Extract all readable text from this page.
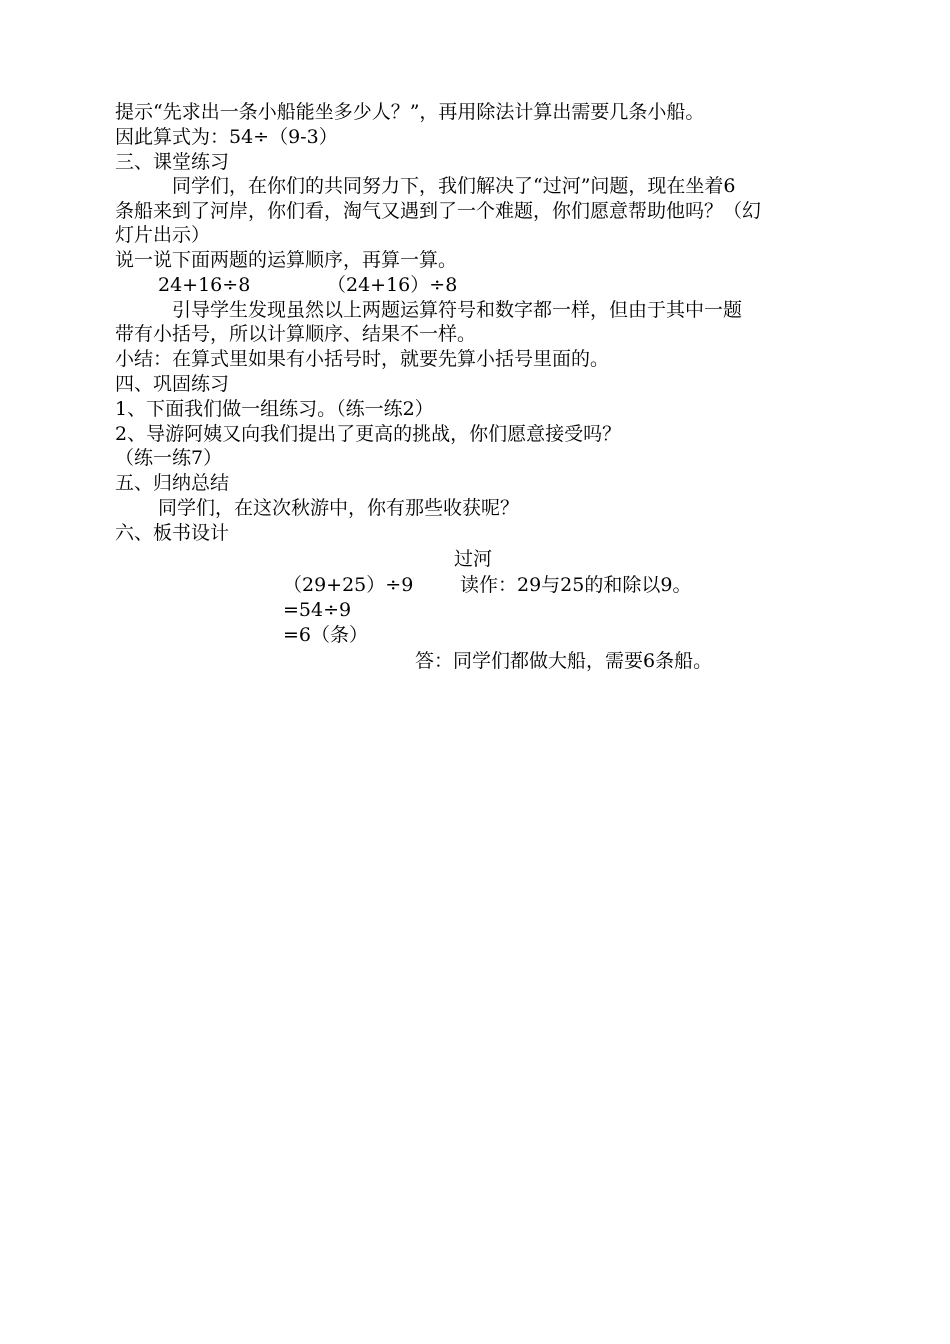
提示“先求出一条小船能坐多少人？”，再用除法计算出需要几条小船。
因此算式为：54÷（9-3）
三、课堂练习
同学们，在你们的共同努力下，我们解决了“过河”问题，现在坐着6
条船来到了河岸，你们看，淘气又遇到了一个难题，你们愿意帮助他吗？（幻
灯片出示）
说一说下面两题的运算顺序，再算一算。
24+16÷8	（24+16）÷8
引导学生发现虽然以上两题运算符号和数字都一样，但由于其中一题
带有小括号，所以计算顺序、结果不一样。
小结：在算式里如果有小括号时，就要先算小括号里面的。
四、巩固练习
1、下面我们做一组练习。（练一练2）
2、导游阿姨又向我们提出了更高的挑战，你们愿意接受吗？
（练一练7）
五、归纳总结
同学们，在这次秋游中，你有那些收获呢？
六、板书设计
过河
（29+25）÷9 读作：29与25的和除以9。
=54÷9
=6（条）
答：同学们都做大船，需要6条船。
